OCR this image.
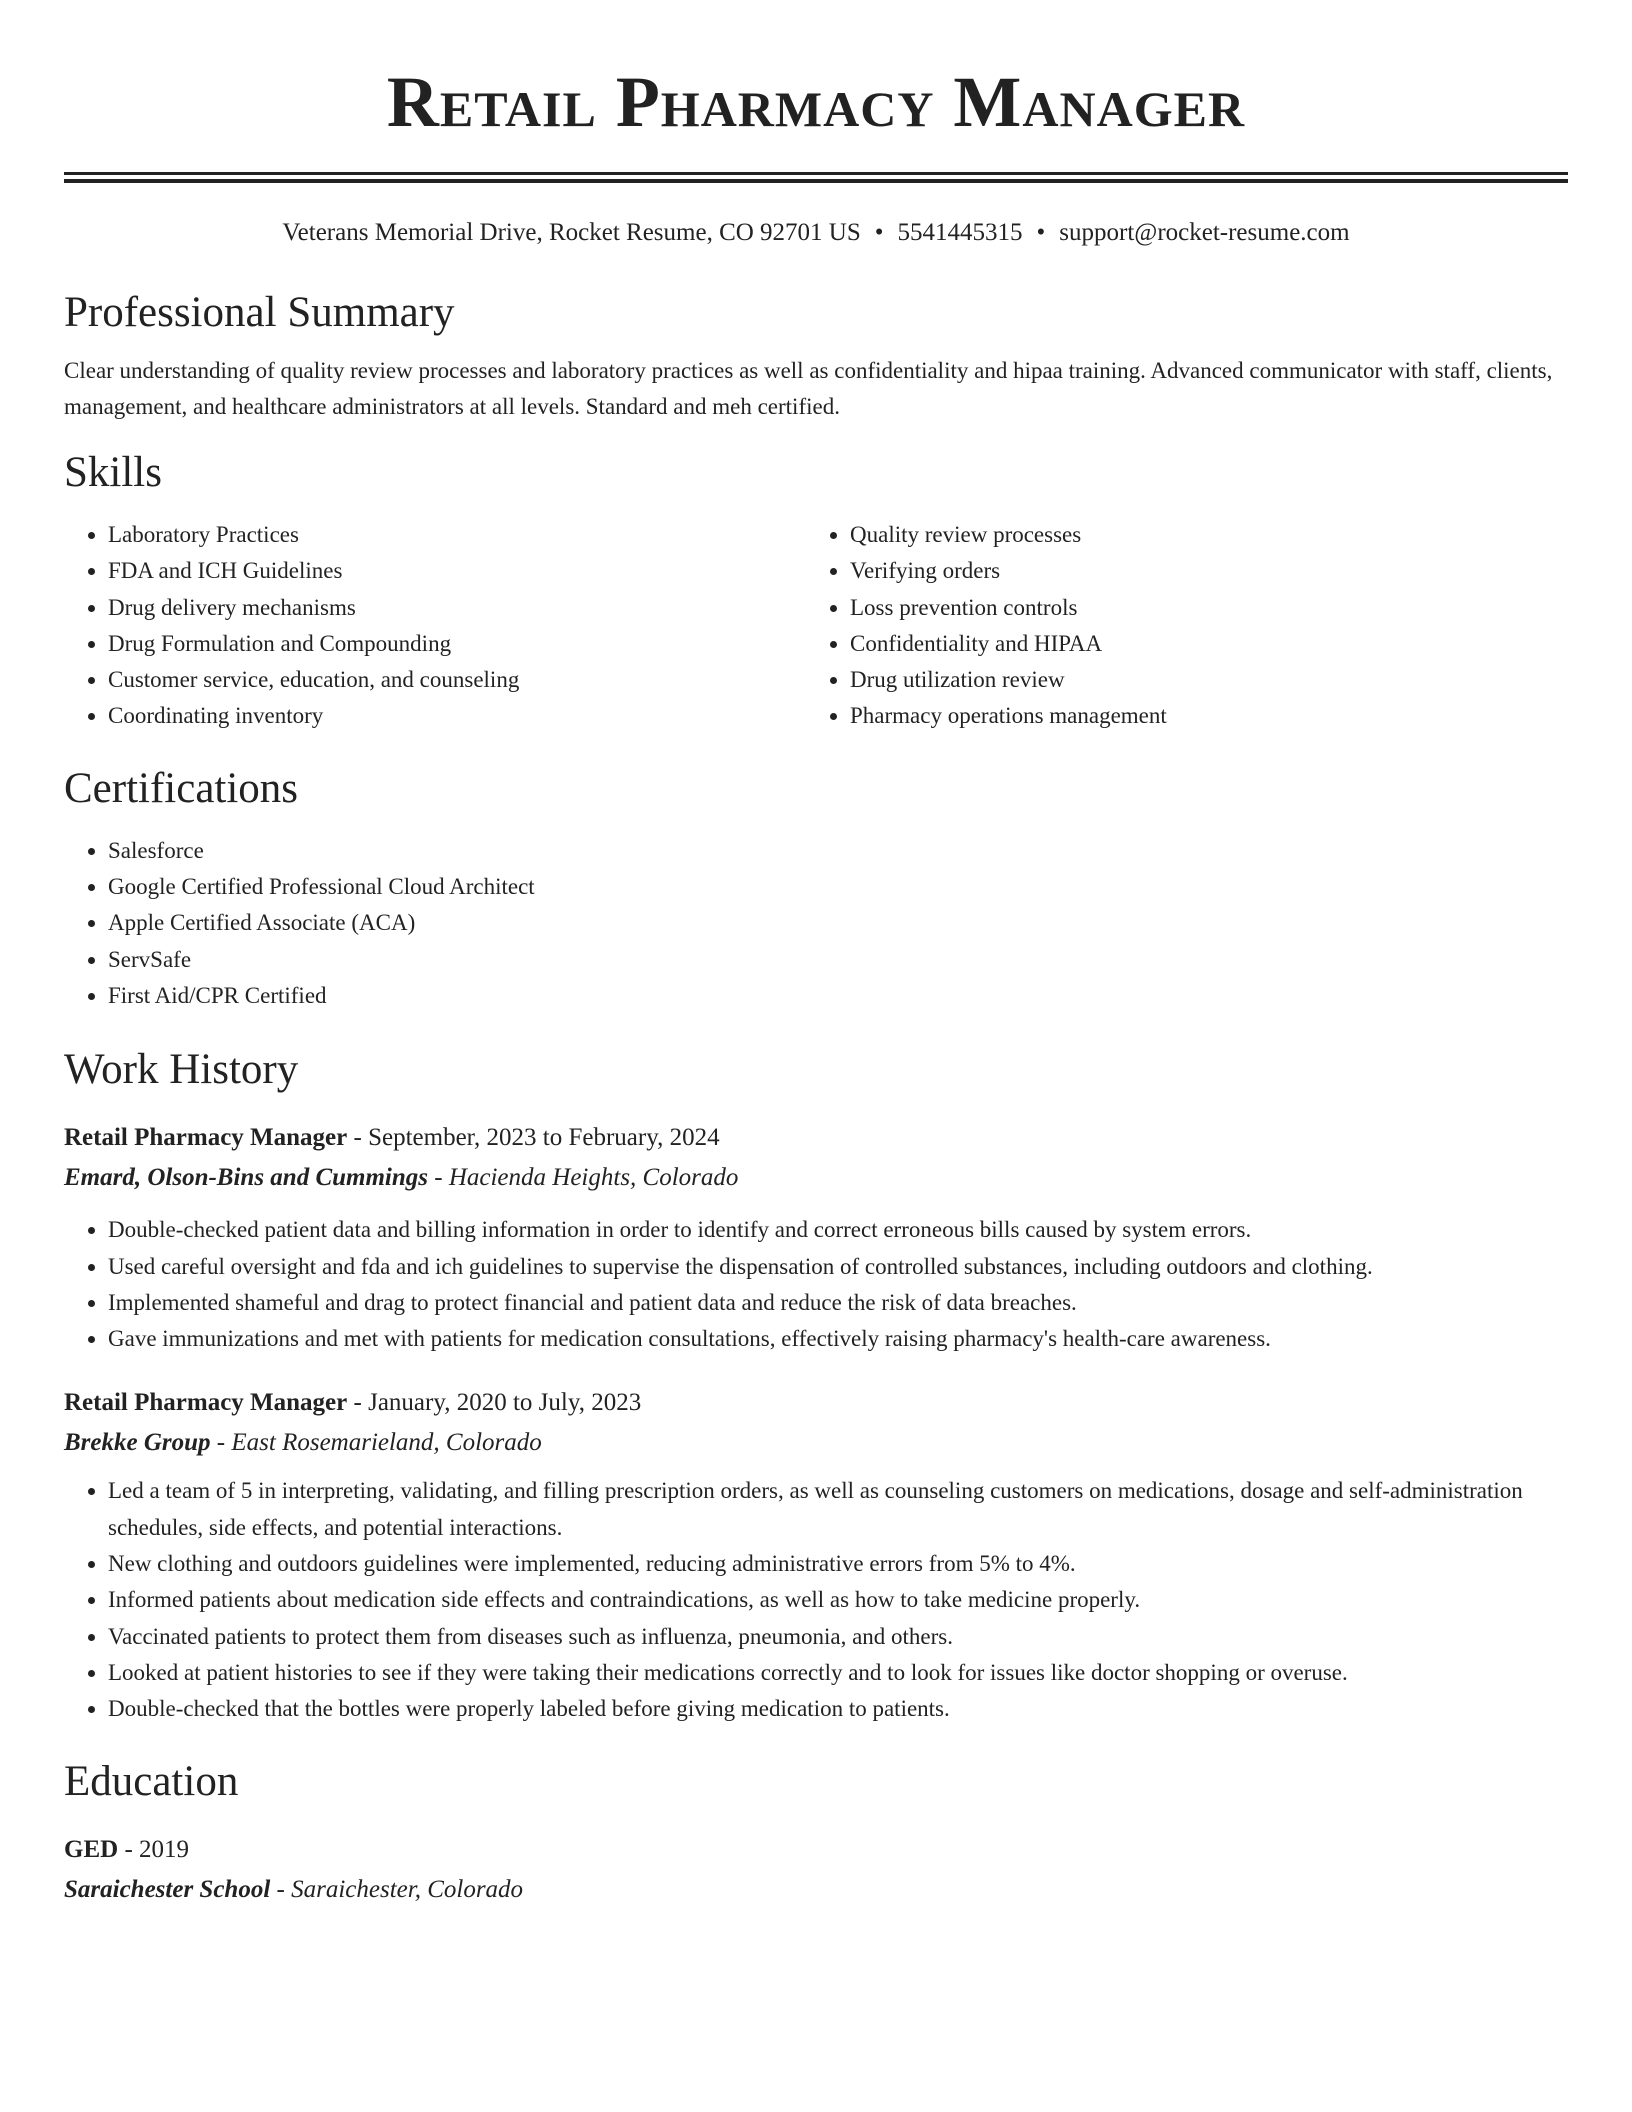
Retail Pharmacy Manager
Veterans Memorial Drive, Rocket Resume, CO 92701 US • 5541445315 • support@rocket-resume.com
Professional Summary
Clear understanding of quality review processes and laboratory practices as well as confidentiality and hipaa training. Advanced communicator with staff, clients, management, and healthcare administrators at all levels. Standard and meh certified.
Skills
• Laboratory Practices
• FDA and ICH Guidelines
• Drug delivery mechanisms
• Drug Formulation and Compounding
• Customer service, education, and counseling
• Coordinating inventory
• Quality review processes
• Verifying orders
• Loss prevention controls
• Confidentiality and HIPAA
• Drug utilization review
• Pharmacy operations management
Certifications
• Salesforce
• Google Certified Professional Cloud Architect
• Apple Certified Associate (ACA)
• ServSafe
• First Aid/CPR Certified
Work History
Retail Pharmacy Manager - September, 2023 to February, 2024
Emard, Olson-Bins and Cummings - Hacienda Heights, Colorado
• Double-checked patient data and billing information in order to identify and correct erroneous bills caused by system errors.
• Used careful oversight and fda and ich guidelines to supervise the dispensation of controlled substances, including outdoors and clothing.
• Implemented shameful and drag to protect financial and patient data and reduce the risk of data breaches.
• Gave immunizations and met with patients for medication consultations, effectively raising pharmacy's health-care awareness.
Retail Pharmacy Manager - January, 2020 to July, 2023
Brekke Group - East Rosemarieland, Colorado
• Led a team of 5 in interpreting, validating, and filling prescription orders, as well as counseling customers on medications, dosage and self-administration schedules, side effects, and potential interactions.
• New clothing and outdoors guidelines were implemented, reducing administrative errors from 5% to 4%.
• Informed patients about medication side effects and contraindications, as well as how to take medicine properly.
• Vaccinated patients to protect them from diseases such as influenza, pneumonia, and others.
• Looked at patient histories to see if they were taking their medications correctly and to look for issues like doctor shopping or overuse.
• Double-checked that the bottles were properly labeled before giving medication to patients.
Education
GED - 2019
Saraichester School - Saraichester, Colorado
